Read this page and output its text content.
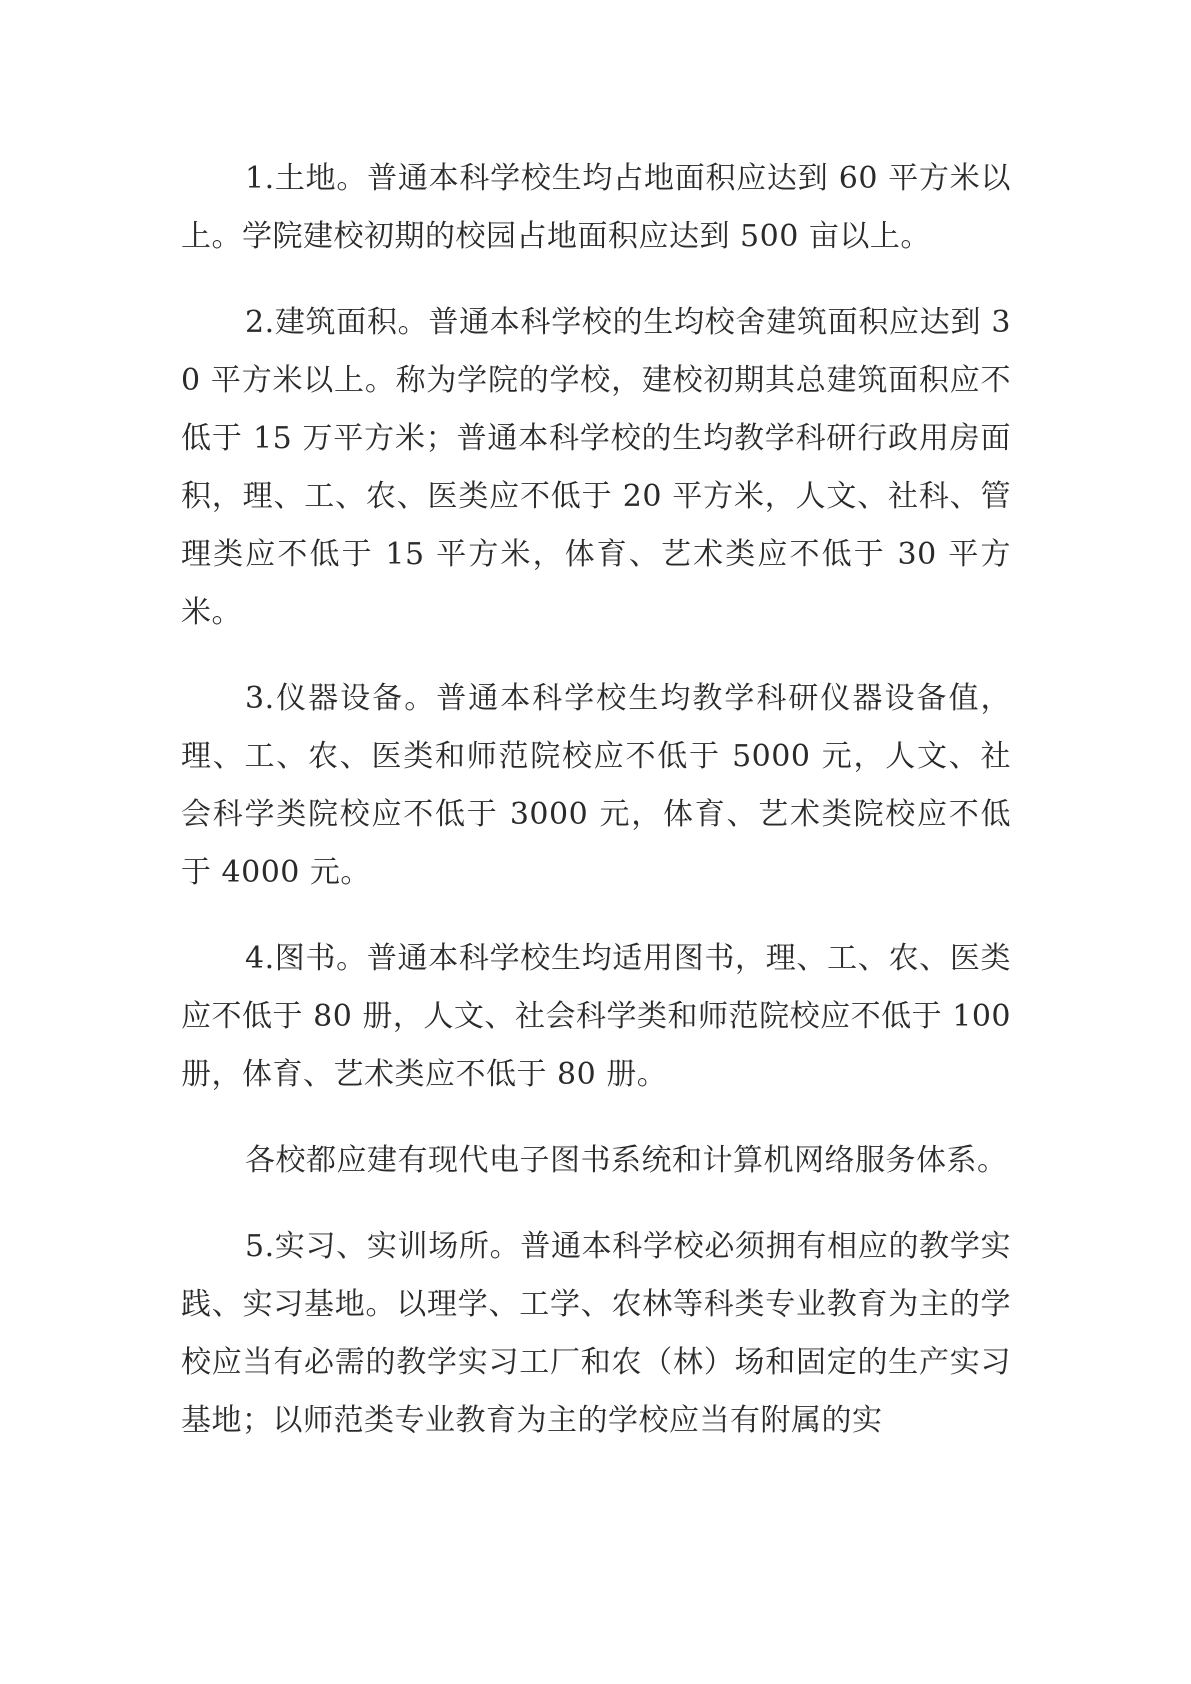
1.土地。普通本科学校生均占地面积应达到 60 平方米以上。学院建校初期的校园占地面积应达到 500 亩以上。

2.建筑面积。普通本科学校的生均校舍建筑面积应达到 30 平方米以上。称为学院的学校，建校初期其总建筑面积应不低于 15 万平方米；普通本科学校的生均教学科研行政用房面积，理、工、农、医类应不低于 20 平方米，人文、社科、管理类应不低于 15 平方米，体育、艺术类应不低于 30 平方米。

3.仪器设备。普通本科学校生均教学科研仪器设备值，理、工、农、医类和师范院校应不低于 5000 元，人文、社会科学类院校应不低于 3000 元，体育、艺术类院校应不低于 4000 元。

4.图书。普通本科学校生均适用图书，理、工、农、医类应不低于 80 册，人文、社会科学类和师范院校应不低于 100 册，体育、艺术类应不低于 80 册。

各校都应建有现代电子图书系统和计算机网络服务体系。

5.实习、实训场所。普通本科学校必须拥有相应的教学实践、实习基地。以理学、工学、农林等科类专业教育为主的学校应当有必需的教学实习工厂和农（林）场和固定的生产实习基地；以师范类专业教育为主的学校应当有附属的实
